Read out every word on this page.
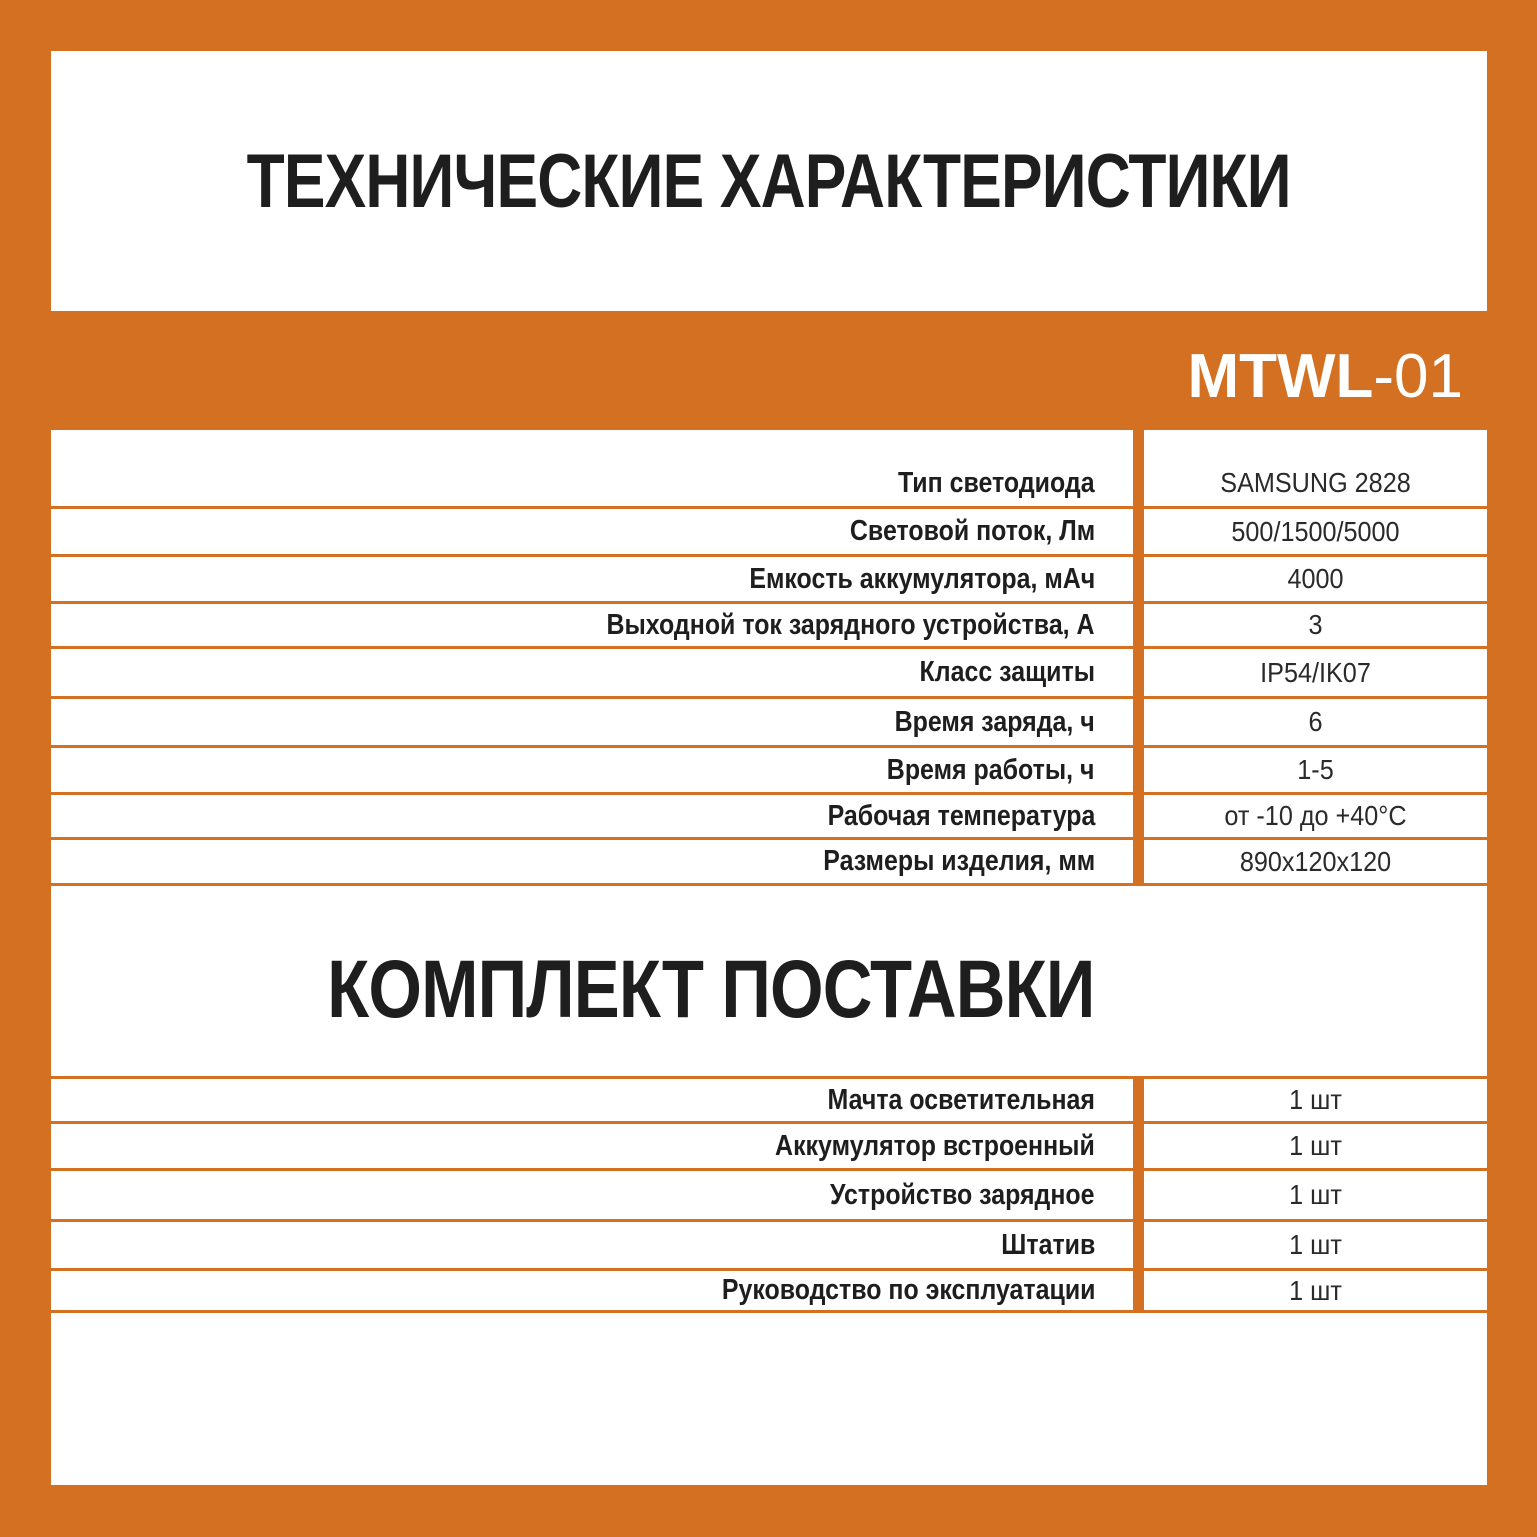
ТЕХНИЧЕСКИЕ ХАРАКТЕРИСТИКИ
MTWL-01
Тип светодиода	SAMSUNG 2828
Световой поток, Лм	500/1500/5000
Емкость аккумулятора, мАч	4000
Выходной ток зарядного устройства, А	3
Класс защиты	IP54/IK07
Время заряда, ч	6
Время работы, ч	1-5
Рабочая температура	от -10 до +40°C
Размеры изделия, мм	890x120x120
КОМПЛЕКТ ПОСТАВКИ
Мачта осветительная	1 шт
Аккумулятор встроенный	1 шт
Устройство зарядное	1 шт
Штатив	1 шт
Руководство по эксплуатации	1 шт
